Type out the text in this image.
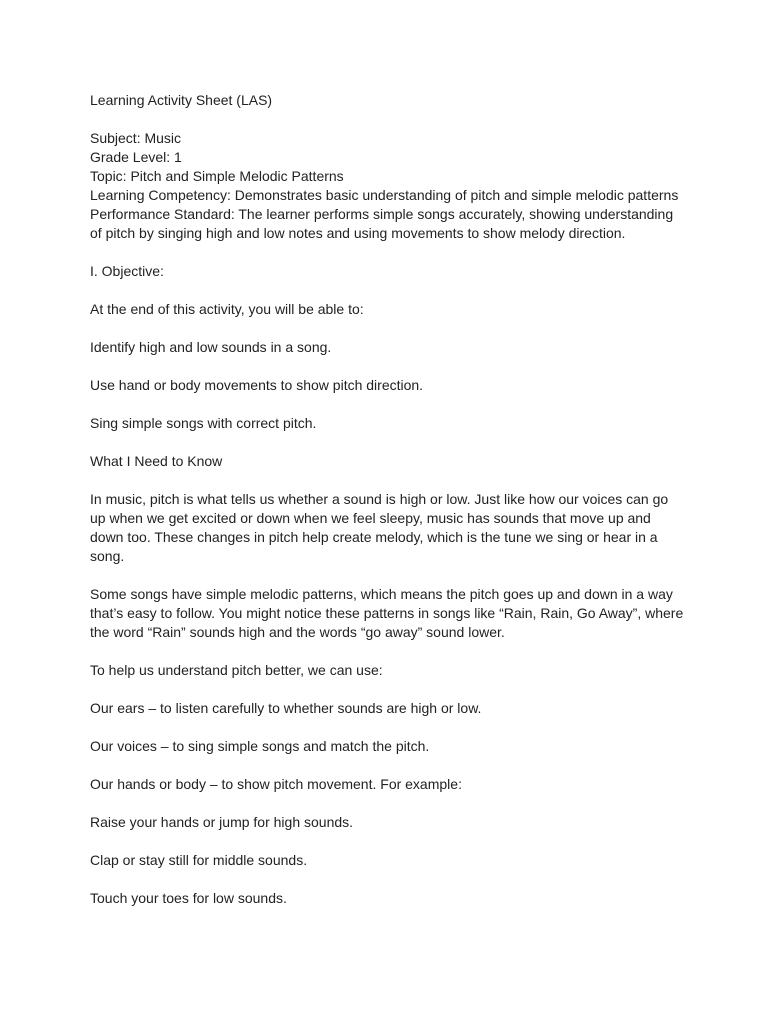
Learning Activity Sheet (LAS)
Subject: Music
Grade Level: 1
Topic: Pitch and Simple Melodic Patterns
Learning Competency: Demonstrates basic understanding of pitch and simple melodic patterns
Performance Standard: The learner performs simple songs accurately, showing understanding
of pitch by singing high and low notes and using movements to show melody direction.
I. Objective:
At the end of this activity, you will be able to:
Identify high and low sounds in a song.
Use hand or body movements to show pitch direction.
Sing simple songs with correct pitch.
What I Need to Know
In music, pitch is what tells us whether a sound is high or low. Just like how our voices can go
up when we get excited or down when we feel sleepy, music has sounds that move up and
down too. These changes in pitch help create melody, which is the tune we sing or hear in a
song.
Some songs have simple melodic patterns, which means the pitch goes up and down in a way
that’s easy to follow. You might notice these patterns in songs like “Rain, Rain, Go Away”, where
the word “Rain” sounds high and the words “go away” sound lower.
To help us understand pitch better, we can use:
Our ears – to listen carefully to whether sounds are high or low.
Our voices – to sing simple songs and match the pitch.
Our hands or body – to show pitch movement. For example:
Raise your hands or jump for high sounds.
Clap or stay still for middle sounds.
Touch your toes for low sounds.
